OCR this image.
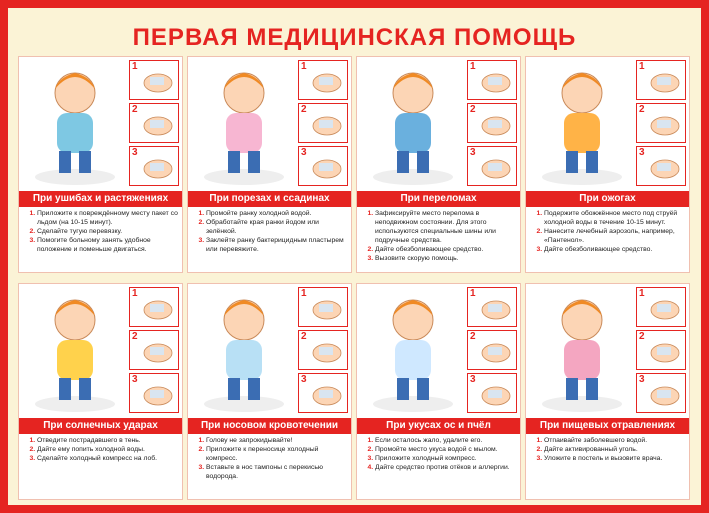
ПЕРВАЯ МЕДИЦИНСКАЯ ПОМОЩЬ
1
2
3
При ушибах и растяжениях
1. Приложите к повреждённому месту пакет со льдом (на 10-15 минут).
2. Сделайте тугую перевязку.
3. Помогите больному занять удобное положение и поменьше двигаться.
1
2
3
При порезах и ссадинах
1. Промойте ранку холодной водой.
2. Обработайте края ранки йодом или зелёнкой.
3. Заклейте ранку бактерицидным пластырем или перевяжите.
1
2
3
При переломах
1. Зафиксируйте место перелома в неподвижном состоянии. Для этого используются специальные шины или подручные средства.
2. Дайте обезболивающее средство.
3. Вызовите скорую помощь.
1
2
3
При ожогах
1. Подержите обожжённое место под струёй холодной воды в течение 10-15 минут.
2. Нанесите лечебный аэрозоль, например, «Пантенол».
3. Дайте обезболивающее средство.
1
2
3
При солнечных ударах
1. Отведите пострадавшего в тень.
2. Дайте ему попить холодной воды.
3. Сделайте холодный компресс на лоб.
1
2
3
При носовом кровотечении
1. Голову не запрокидывайте!
2. Приложите к переносице холодный компресс.
3. Вставьте в нос тампоны с перекисью водорода.
1
2
3
При укусах ос и пчёл
1. Если осталось жало, удалите его.
2. Промойте место укуса водой с мылом.
3. Приложите холодный компресс.
4. Дайте средство против отёков и аллергии.
1
2
3
При пищевых отравлениях
1. Отпаивайте заболевшего водой.
2. Дайте активированный уголь.
3. Уложите в постель и вызовите врача.
